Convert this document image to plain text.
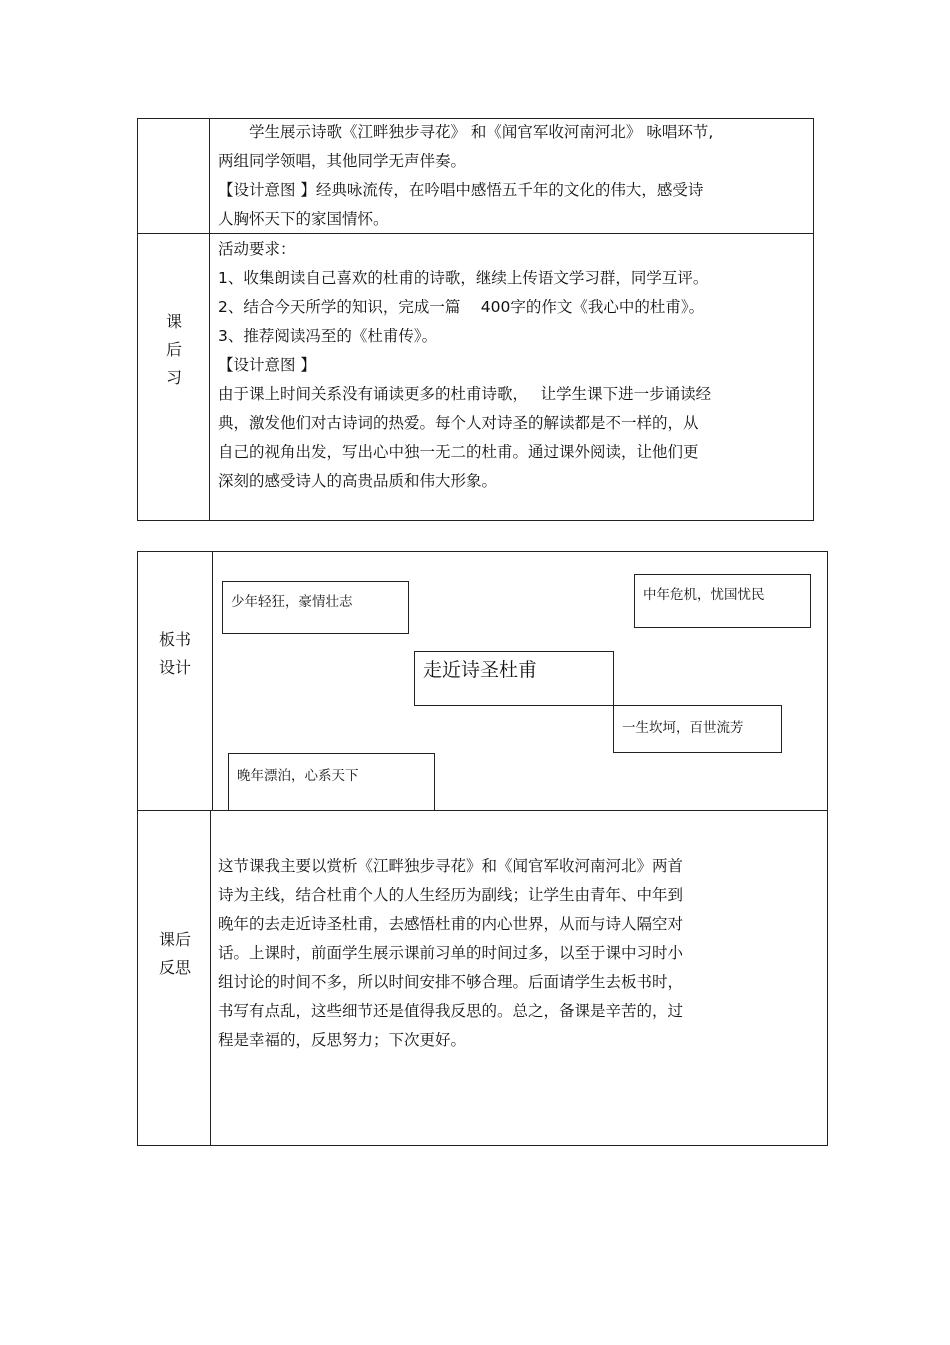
　　学生展示诗歌《江畔独步寻花》 和《闻官军收河南河北》 咏唱环节,
两组同学领唱，其他同学无声伴奏。
【设计意图 】经典咏流传，在吟唱中感悟五千年的文化的伟大，感受诗
人胸怀天下的家国情怀。
课
后
习
活动要求：
1、收集朗读自己喜欢的杜甫的诗歌，继续上传语文学习群，同学互评。
2、结合今天所学的知识，完成一篇　 400字的作文《我心中的杜甫》。
3、推荐阅读冯至的《杜甫传》。
【设计意图 】
由于课上时间关系没有诵读更多的杜甫诗歌，　 让学生课下进一步诵读经
典，激发他们对古诗词的热爱。每个人对诗圣的解读都是不一样的，从
自己的视角出发，写出心中独一无二的杜甫。通过课外阅读，让他们更
深刻的感受诗人的高贵品质和伟大形象。
板书
设计
少年轻狂，豪情壮志	中年危机，忧国忧民
走近诗圣杜甫
一生坎坷，百世流芳
晚年漂泊，心系天下
课后
反思
这节课我主要以赏析《江畔独步寻花》和《闻官军收河南河北》两首
诗为主线，结合杜甫个人的人生经历为副线；让学生由青年、中年到
晚年的去走近诗圣杜甫，去感悟杜甫的内心世界，从而与诗人隔空对
话。上课时，前面学生展示课前习单的时间过多，以至于课中习时小
组讨论的时间不多，所以时间安排不够合理。后面请学生去板书时，
书写有点乱，这些细节还是值得我反思的。总之，备课是辛苦的，过
程是幸福的，反思努力；下次更好。
